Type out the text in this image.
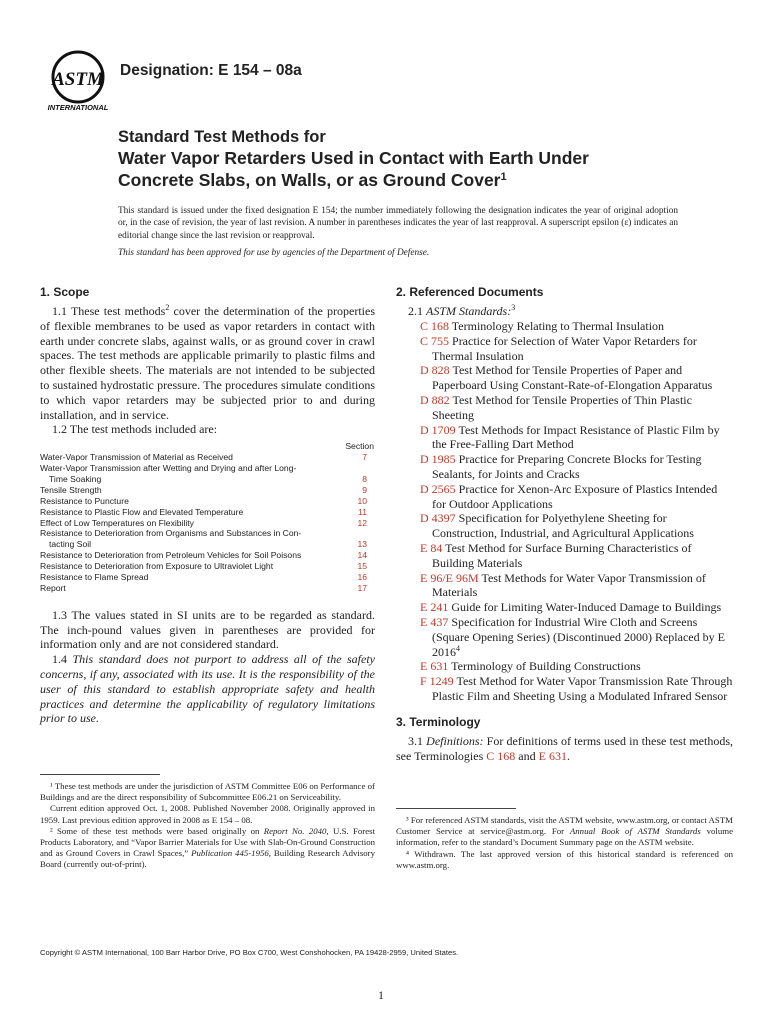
ASTM
INTERNATIONAL
Designation: E 154 – 08a
Standard Test Methods for
Water Vapor Retarders Used in Contact with Earth Under
Concrete Slabs, on Walls, or as Ground Cover$^1$
This standard is issued under the fixed designation E 154; the number immediately following the designation indicates the year of original adoption or, in the case of revision, the year of last revision. A number in parentheses indicates the year of last reapproval. A superscript epsilon (ε) indicates an editorial change since the last revision or reapproval.
This standard has been approved for use by agencies of the Department of Defense.
1. Scope

1.1 These test methods$^2$ cover the determination of the properties of flexible membranes to be used as vapor retarders in contact with earth under concrete slabs, against walls, or as ground cover in crawl spaces. The test methods are applicable primarily to plastic films and other flexible sheets. The materials are not intended to be subjected to sustained hydrostatic pressure. The procedures simulate conditions to which vapor retarders may be subjected prior to and during installation, and in service.

1.2 The test methods included are:

Section
Water-Vapor Transmission of Material as Received	7
Water-Vapor Transmission after Wetting and Drying and after Long-
Time Soaking	8
Tensile Strength	9
Resistance to Puncture	10
Resistance to Plastic Flow and Elevated Temperature	11
Effect of Low Temperatures on Flexibility	12
Resistance to Deterioration from Organisms and Substances in Con-
tacting Soil	13
Resistance to Deterioration from Petroleum Vehicles for Soil Poisons	14
Resistance to Deterioration from Exposure to Ultraviolet Light	15
Resistance to Flame Spread	16
Report	17

1.3 The values stated in SI units are to be regarded as standard. The inch-pound values given in parentheses are provided for information only and are not considered standard.

1.4 This standard does not purport to address all of the safety concerns, if any, associated with its use. It is the responsibility of the user of this standard to establish appropriate safety and health practices and determine the applicability of regulatory limitations prior to use.

¹ These test methods are under the jurisdiction of ASTM Committee E06 on Performance of Buildings and are the direct responsibility of Subcommittee E06.21 on Serviceability.
Current edition approved Oct. 1, 2008. Published November 2008. Originally approved in 1959. Last previous edition approved in 2008 as E 154 – 08.
² Some of these test methods were based originally on Report No. 2040, U.S. Forest Products Laboratory, and “Vapor Barrier Materials for Use with Slab-On-Ground Construction and as Ground Covers in Crawl Spaces,” Publication 445-1956, Building Research Advisory Board (currently out-of-print).
2. Referenced Documents
2.1 ASTM Standards:$^3$
C 168 Terminology Relating to Thermal Insulation
C 755 Practice for Selection of Water Vapor Retarders for Thermal Insulation
D 828 Test Method for Tensile Properties of Paper and Paperboard Using Constant-Rate-of-Elongation Apparatus
D 882 Test Method for Tensile Properties of Thin Plastic Sheeting
D 1709 Test Methods for Impact Resistance of Plastic Film by the Free-Falling Dart Method
D 1985 Practice for Preparing Concrete Blocks for Testing Sealants, for Joints and Cracks
D 2565 Practice for Xenon-Arc Exposure of Plastics Intended for Outdoor Applications
D 4397 Specification for Polyethylene Sheeting for Construction, Industrial, and Agricultural Applications
E 84 Test Method for Surface Burning Characteristics of Building Materials
E 96/E 96M Test Methods for Water Vapor Transmission of Materials
E 241 Guide for Limiting Water-Induced Damage to Buildings
E 437 Specification for Industrial Wire Cloth and Screens (Square Opening Series) (Discontinued 2000) Replaced by E 2016$^4$
E 631 Terminology of Building Constructions
F 1249 Test Method for Water Vapor Transmission Rate Through Plastic Film and Sheeting Using a Modulated Infrared Sensor
3. Terminology

3.1 Definitions: For definitions of terms used in these test methods, see Terminologies C 168 and E 631.

³ For referenced ASTM standards, visit the ASTM website, www.astm.org, or contact ASTM Customer Service at service@astm.org. For Annual Book of ASTM Standards volume information, refer to the standard’s Document Summary page on the ASTM website.
⁴ Withdrawn. The last approved version of this historical standard is referenced on www.astm.org.
Copyright © ASTM International, 100 Barr Harbor Drive, PO Box C700, West Conshohocken, PA 19428-2959, United States.
1
